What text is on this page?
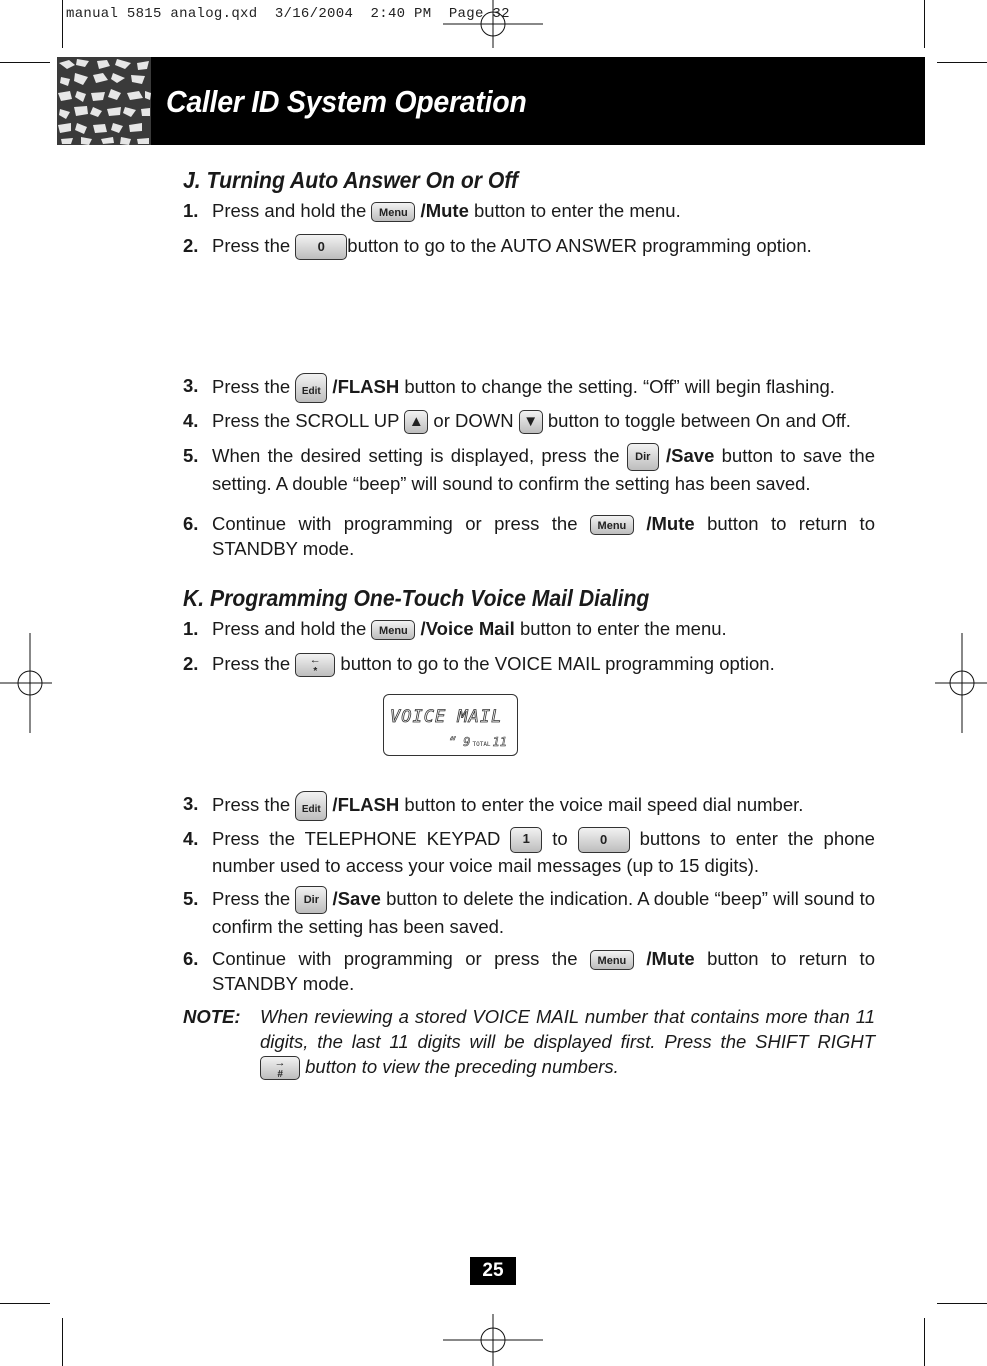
manual 5815 analog.qxd  3/16/2004  2:40 PM  Page 32
Caller ID System Operation
J. Turning Auto Answer On or Off
1. Press and hold the Menu /Mute button to enter the menu.
2. Press the 0 button to go to the AUTO ANSWER programming option.
3. Press the Edit /FLASH button to change the setting. “Off” will begin flashing.
4. Press the SCROLL UP ▲ or DOWN ▼ button to toggle between On and Off.
5. When the desired setting is displayed, press the Dir /Save button to save the setting. A double “beep” will sound to confirm the setting has been saved.
6. Continue with programming or press the Menu /Mute button to return to STANDBY mode.
K. Programming One-Touch Voice Mail Dialing
1. Press and hold the Menu /Voice Mail button to enter the menu.
2. Press the	←
* button to go to the VOICE MAIL programming option.
VOICE MAIL
“ 9 TOTAL 11
3. Press the Edit /FLASH button to enter the voice mail speed dial number.
4. Press the TELEPHONE KEYPAD 1 to 0 buttons to enter the phone number used to access your voice mail messages (up to 15 digits).
5. Press the Dir /Save button to delete the indication. A double “beep” will sound to confirm the setting has been saved.
6. Continue with programming or press the Menu /Mute button to return to STANDBY mode.
NOTE: When reviewing a stored VOICE MAIL number that contains more than 11 digits, the last 11 digits will be displayed first. Press the SHIFT RIGHT
→
# button to view the preceding numbers.
25
